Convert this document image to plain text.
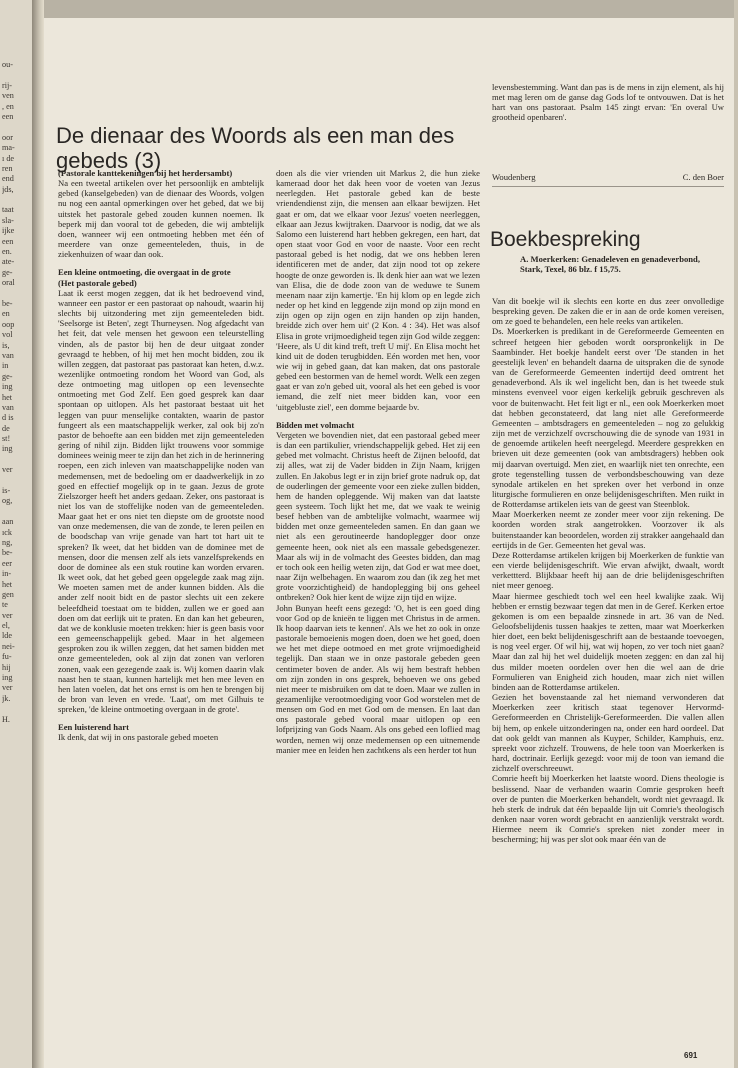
ou-
rij-
ven
, en
een
oor
ma-
ı de
ren
end
jds,
taat
sla-
ijke
een
en.
ate-
ge-
oral
be-
en
oop
vol
is,
van
in
ge-
ing
het
van
d is
de
st!
ing
ver
is-
og,
aan
ıck
ng,
be-
eer
in-
het
gen
te
ver
el,
lde
nei-
fu-
hij
ing
ver
jk.
H.
De dienaar des Woords als een man des gebeds (3)

(Pastorale kanttekeningen bij het herdersambt)

Na een tweetal artikelen over het persoonlijk en ambtelijk gebed (kanselgebeden) van de dienaar des Woords, volgen nu nog een aantal opmerkingen over het gebed, dat we bij uitstek het pastorale gebed zouden kunnen noemen. Ik beperk mij dan vooral tot de gebeden, die wij ambtelijk doen, wanneer wij een ontmoeting hebben met één of meerdere van onze gemeenteleden, thuis, in de ziekenhuizen of waar dan ook.

Een kleine ontmoeting, die overgaat in de grote

(Het pastorale gebed)

Laat ik eerst mogen zeggen, dat ik het bedroevend vind, wanneer een pastor er een pastoraat op nahoudt, waarin hij slechts bij uitzondering met zijn gemeenteleden bidt. 'Seelsorge ist Beten', zegt Thurneysen. Nog afgedacht van het feit, dat vele mensen het gewoon een teleurstelling vinden, als de pastor bij hen de deur uitgaat zonder gevraagd te hebben, of hij met hen mocht bidden, zou ik willen zeggen, dat pastoraat pas pastoraat kan heten, d.w.z. wezenlijke ontmoeting rondom het Woord van God, als deze ontmoeting mag uitlopen op een levensechte ontmoeting met God Zelf. Een goed gesprek kan daar spontaan op uitlopen. Als het pastoraat bestaat uit het leggen van puur menselijke contakten, waarin de pastor fungeert als een maatschappelijk werker, zal ook bij zo'n pastor de behoefte aan een bidden met zijn gemeenteleden gering of nihil zijn. Bidden lijkt trouwens voor sommige dominees weinig meer te zijn dan het zich in de herinnering roepen, een zich inleven van maatschappelijke noden van medemensen, met de bedoeling om er daadwerkelijk in zo goed en effectief mogelijk op in te gaan. Jezus de grote Zielszorger heeft het anders gedaan. Zeker, ons pastoraat is niet los van de stoffelijke noden van de gemeenteleden. Maar gaat het er ons niet ten diepste om de grootste nood van onze medemensen, die van de zonde, te leren peilen en de boodschap van vrije genade van hart tot hart uit te spreken? Ik weet, dat het bidden van de dominee met de mensen, door die mensen zelf als iets vanzelfsprekends en door de dominee als een stuk routine kan worden ervaren. Ik weet ook, dat het gebed geen opgelegde zaak mag zijn. We moeten samen met de ander kunnen bidden. Als die ander zelf nooit bidt en de pastor slechts uit een zekere beleefdheid toestaat om te bidden, zullen we er goed aan doen om dat eerlijk uit te praten. En dan kan het gebeuren, dat we de konklusie moeten trekken: hier is geen basis voor een gemeenschappelijk gebed. Maar in het algemeen gesproken zou ik willen zeggen, dat het samen bidden met onze gemeenteleden, ook al zijn dat zonen van verloren zonen, vaak een gezegende zaak is. Wij komen daarin vlak naast hen te staan, kunnen hartelijk met hen mee leven en hen laten voelen, dat het ons ernst is om hen te brengen bij de bron van leven en vrede. 'Laat', om met Gilhuis te spreken, 'de kleine ontmoeting overgaan in de grote'.

Een luisterend hart

Ik denk, dat wij in ons pastorale gebed moeten

doen als die vier vrienden uit Markus 2, die hun zieke kameraad door het dak heen voor de voeten van Jezus neerlegden. Het pastorale gebed kan de beste vriendendienst zijn, die mensen aan elkaar bewijzen. Het gaat er om, dat we elkaar voor Jezus' voeten neerleggen, elkaar aan Jezus kwijtraken. Daarvoor is nodig, dat we als Salomo een luisterend hart hebben gekregen, een hart, dat open staat voor God en voor de naaste. Voor een recht pastoraal gebed is het nodig, dat we ons hebben leren identificeren met de ander, dat zijn nood tot op zekere hoogte de onze geworden is. Ik denk hier aan wat we lezen van Elisa, die de dode zoon van de weduwe te Sunem meenam naar zijn kamertje. 'En hij klom op en legde zich neder op het kind en leggende zijn mond op zijn mond en zijn ogen op zijn ogen en zijn handen op zijn handen, breidde zich over hem uit' (2 Kon. 4 : 34). Het was alsof Elisa in grote vrijmoedigheid tegen zijn God wilde zeggen: 'Heere, als U dit kind treft, treft U mij'. En Elisa mocht het kind uit de doden terugbidden. Eén worden met hen, voor wie wij in gebed gaan, dat kan maken, dat ons pastorale gebed een bestormen van de hemel wordt. Welk een zegen gaat er van zo'n gebed uit, vooral als het een gebed is voor iemand, die zelf niet meer bidden kan, voor een 'uitgebluste ziel', een domme bejaarde bv.

Bidden met volmacht

Vergeten we bovendien niet, dat een pastoraal gebed meer is dan een partikulier, vriendschappelijk gebed. Het zij een gebed met volmacht. Christus heeft de Zijnen beloofd, dat zij alles, wat zij de Vader bidden in Zijn Naam, krijgen zullen. En Jakobus legt er in zijn brief grote nadruk op, dat de ouderlingen der gemeente voor een zieke zullen bidden, hem de handen opleggende. Wij maken van dat laatste geen systeem. Toch lijkt het me, dat we vaak te weinig besef hebben van de ambtelijke volmacht, waarmee wij bidden met onze gemeenteleden samen. En dan gaan we niet als een geroutineerde handoplegger door onze gemeente heen, ook niet als een massale gebedsgenezer. Maar als wij in de volmacht des Geestes bidden, dan mag er toch ook een heilig weten zijn, dat God er wat mee doet, naar Zijn welbehagen. En waarom zou dan (ik zeg het met grote voorzichtigheid) de handoplegging bij ons geheel ontbreken? Ook hier kent de wijze zijn tijd en wijze.

John Bunyan heeft eens gezegd: 'O, het is een goed ding voor God op de knieën te liggen met Christus in de armen. Ik hoop daarvan iets te kennen'. Als we het zo ook in onze pastorale bemoeienis mogen doen, doen we het goed, doen we het met diepe ootmoed en met grote vrijmoedigheid tegelijk. Dan staan we in onze pastorale gebeden geen centimeter boven de ander. Als wij hem bestraft hebben om zijn zonden in ons gesprek, behoeven we ons gebed niet meer te misbruiken om dat te doen. Maar we zullen in gezamenlijke verootmoediging voor God worstelen met de mensen om God en met God om de mensen. En laat dan ons pastorale gebed vooral maar uitlopen op een lofprijzing van Gods Naam. Als ons gebed een loflied mag worden, nemen wij onze medemensen op een uitnemende manier mee en leiden hen zachtkens als een herder tot hun

levensbestemming. Want dan pas is de mens in zijn element, als hij met mag leren om de ganse dag Gods lof te ontvouwen. Dat is het hart van ons pastoraat. Psalm 145 zingt ervan: 'En overal Uw grootheid openbaren'.

Woudenberg	C. den Boer
Boekbespreking
A. Moerkerken: Genadeleven en genadeverbond, Stark, Texel, 86 blz. f 15,75.

Van dit boekje wil ik slechts een korte en dus zeer onvolledige bespreking geven. De zaken die er in aan de orde komen vereisen, om ze goed te behandelen, een hele reeks van artikelen.

Ds. Moerkerken is predikant in de Gereformeerde Gemeenten en schreef hetgeen hier geboden wordt oorspronkelijk in De Saambinder. Het boekje handelt eerst over 'De standen in het geestelijk leven' en behandelt daarna de uitspraken die de synode van de Gereformeerde Gemeenten indertijd deed omtrent het genadeverbond. Als ik wel ingelicht ben, dan is het tweede stuk minstens evenveel voor eigen kerkelijk gebruik geschreven als voor de buitenwacht. Het feit ligt er nl., een ook Moerkerken moet dat hebben geconstateerd, dat lang niet alle Gereformeerde Gemeenten – ambtsdragers en gemeenteleden – nog zo gelukkig zijn met de verzichzelf ovcrschouwing die de synode van 1931 in de genoemde artikelen heeft neergelegd. Meerdere gesprekken en brieven uit deze gemeenten (ook van ambtsdragers) hebben ook mij daarvan overtuigd. Men ziet, en waarlijk niet ten onrechte, een grote tegenstelling tussen de verbondsbeschouwing van deze synodale artikelen en het spreken over het verbond in onze liturgische formulieren en onze belijdenisgeschriften. Men ruikt in de Rotterdamse artikelen iets van de geest van Steenblok.

Maar Moerkerken neemt ze zonder meer voor zijn rekening. De koorden worden strak aangetrokken. Voorzover ik als buitenstaander kan beoordelen, worden zij strakker aangehaald dan eertijds in de Ger. Gemeenten het geval was.

Deze Rotterdamse artikelen krijgen bij Moerkerken de funktie van een vierde belijdenisgeschrift. Wie ervan afwijkt, dwaalt, wordt verkettterd. Blijkbaar heeft hij aan de drie belijdenisgeschriften niet meer genoeg.

Maar hiermee geschiedt toch wel een heel kwalijke zaak. Wij hebben er ernstig bezwaar tegen dat men in de Geref. Kerken ertoe gekomen is om een bepaalde zinsnede in art. 36 van de Ned. Geloofsbelijdenis tussen haakjes te zetten, maar wat Moerkerken hier doet, een bekt belijdenisgeschrift aan de bestaande toevoegen, is nog veel erger. Of wil hij, wat wij hopen, zo ver toch niet gaan? Maar dan zal hij het wel duidelijk moeten zeggen: en dan zal hij dus milder moeten oordelen over hen die wel aan de drie Formulieren van Enigheid zich houden, maar zich niet willen binden aan de Rotterdamse artikelen.

Gezien het bovenstaande zal het niemand verwonderen dat Moerkerken zeer kritisch staat tegenover Hervormd-Gereformeerden en Christelijk-Gereformeerden. Die vallen allen bij hem, op enkele uitzonderingen na, onder een hard oordeel. Dat dat ook geldt van mannen als Kuyper, Schilder, Kamphuis, enz. spreekt voor zichzelf. Trouwens, de hele toon van Moerkerken is hard, doctrinair. Eerlijk gezegd: voor mij de toon van iemand die zichzelf overschreeuwt.

Comrie heeft bij Moerkerken het laatste woord. Diens theologie is beslissend. Naar de verbanden waarin Comrie gesproken heeft over de punten die Moerkerken behandelt, wordt niet gevraagd. Ik heb sterk de indruk dat één bepaalde lijn uit Comrie's theologisch denken naar voren wordt gebracht en aanzienlijk verstrakt wordt. Hiermee neem ik Comrie's spreken niet zonder meer in bescherming; hij was per slot ook maar één van de

691
